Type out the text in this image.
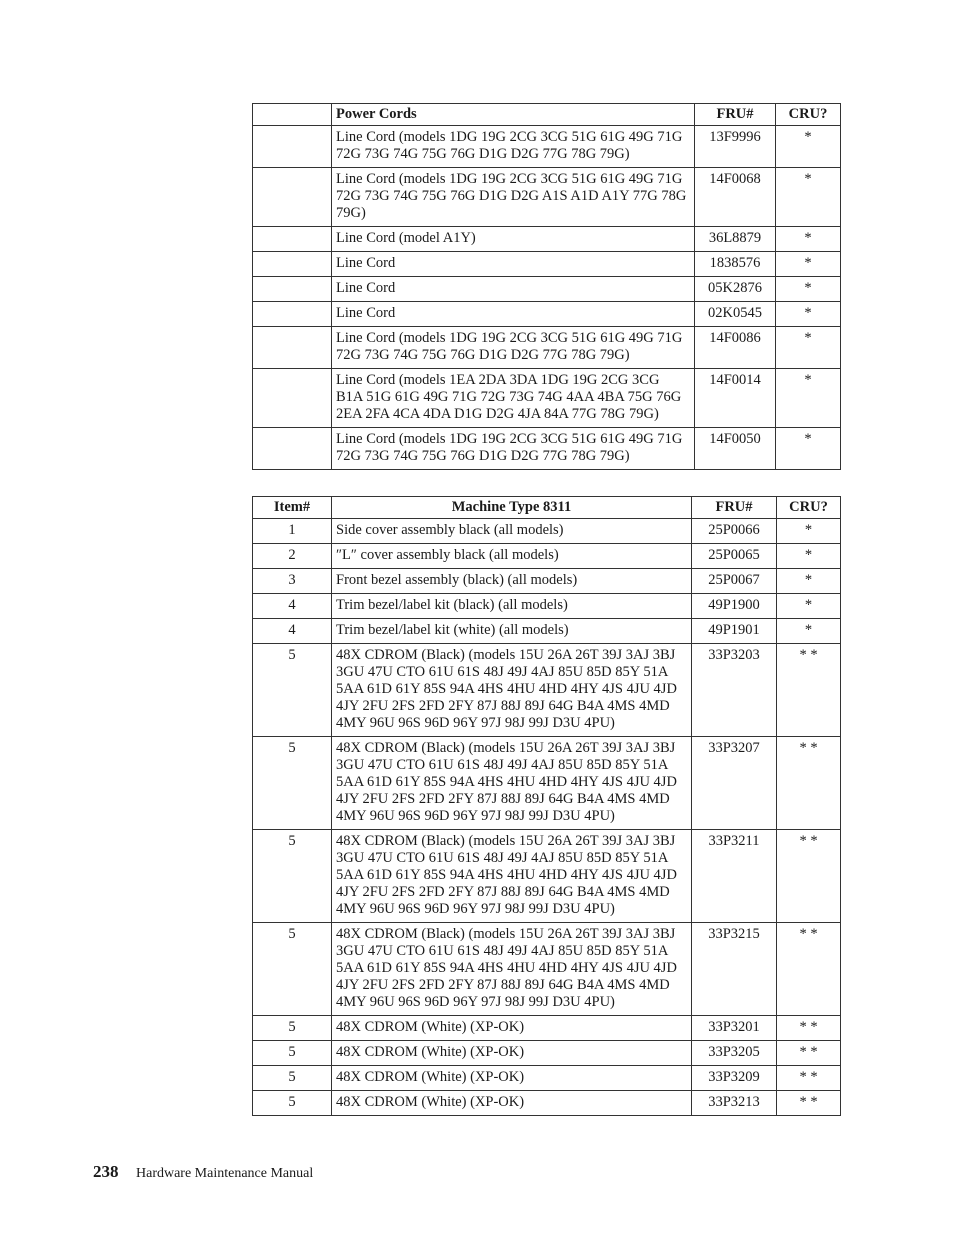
	Power Cords	FRU#	CRU?
	Line Cord (models 1DG 19G 2CG 3CG 51G 61G 49G 71G 72G 73G 74G 75G 76G D1G D2G 77G 78G 79G)	13F9996	*
	Line Cord (models 1DG 19G 2CG 3CG 51G 61G 49G 71G 72G 73G 74G 75G 76G D1G D2G A1S A1D A1Y 77G 78G 79G)	14F0068	*
	Line Cord (model A1Y)	36L8879	*
	Line Cord	1838576	*
	Line Cord	05K2876	*
	Line Cord	02K0545	*
	Line Cord (models 1DG 19G 2CG 3CG 51G 61G 49G 71G 72G 73G 74G 75G 76G D1G D2G 77G 78G 79G)	14F0086	*
	Line Cord (models 1EA 2DA 3DA 1DG 19G 2CG 3CG B1A 51G 61G 49G 71G 72G 73G 74G 4AA 4BA 75G 76G 2EA 2FA 4CA 4DA D1G D2G 4JA 84A 77G 78G 79G)	14F0014	*
	Line Cord (models 1DG 19G 2CG 3CG 51G 61G 49G 71G 72G 73G 74G 75G 76G D1G D2G 77G 78G 79G)	14F0050	*
Item#	Machine Type 8311	FRU#	CRU?
1	Side cover assembly black (all models)	25P0066	*
2	″L″ cover assembly black (all models)	25P0065	*
3	Front bezel assembly (black) (all models)	25P0067	*
4	Trim bezel/label kit (black) (all models)	49P1900	*
4	Trim bezel/label kit (white) (all models)	49P1901	*
5	48X CDROM (Black) (models 15U 26A 26T 39J 3AJ 3BJ 3GU 47U CTO 61U 61S 48J 49J 4AJ 85U 85D 85Y 51A 5AA 61D 61Y 85S 94A 4HS 4HU 4HD 4HY 4JS 4JU 4JD 4JY 2FU 2FS 2FD 2FY 87J 88J 89J 64G B4A 4MS 4MD 4MY 96U 96S 96D 96Y 97J 98J 99J D3U 4PU)	33P3203	* *
5	48X CDROM (Black) (models 15U 26A 26T 39J 3AJ 3BJ 3GU 47U CTO 61U 61S 48J 49J 4AJ 85U 85D 85Y 51A 5AA 61D 61Y 85S 94A 4HS 4HU 4HD 4HY 4JS 4JU 4JD 4JY 2FU 2FS 2FD 2FY 87J 88J 89J 64G B4A 4MS 4MD 4MY 96U 96S 96D 96Y 97J 98J 99J D3U 4PU)	33P3207	* *
5	48X CDROM (Black) (models 15U 26A 26T 39J 3AJ 3BJ 3GU 47U CTO 61U 61S 48J 49J 4AJ 85U 85D 85Y 51A 5AA 61D 61Y 85S 94A 4HS 4HU 4HD 4HY 4JS 4JU 4JD 4JY 2FU 2FS 2FD 2FY 87J 88J 89J 64G B4A 4MS 4MD 4MY 96U 96S 96D 96Y 97J 98J 99J D3U 4PU)	33P3211	* *
5	48X CDROM (Black) (models 15U 26A 26T 39J 3AJ 3BJ 3GU 47U CTO 61U 61S 48J 49J 4AJ 85U 85D 85Y 51A 5AA 61D 61Y 85S 94A 4HS 4HU 4HD 4HY 4JS 4JU 4JD 4JY 2FU 2FS 2FD 2FY 87J 88J 89J 64G B4A 4MS 4MD 4MY 96U 96S 96D 96Y 97J 98J 99J D3U 4PU)	33P3215	* *
5	48X CDROM (White) (XP-OK)	33P3201	* *
5	48X CDROM (White) (XP-OK)	33P3205	* *
5	48X CDROM (White) (XP-OK)	33P3209	* *
5	48X CDROM (White) (XP-OK)	33P3213	* *
238 Hardware Maintenance Manual
